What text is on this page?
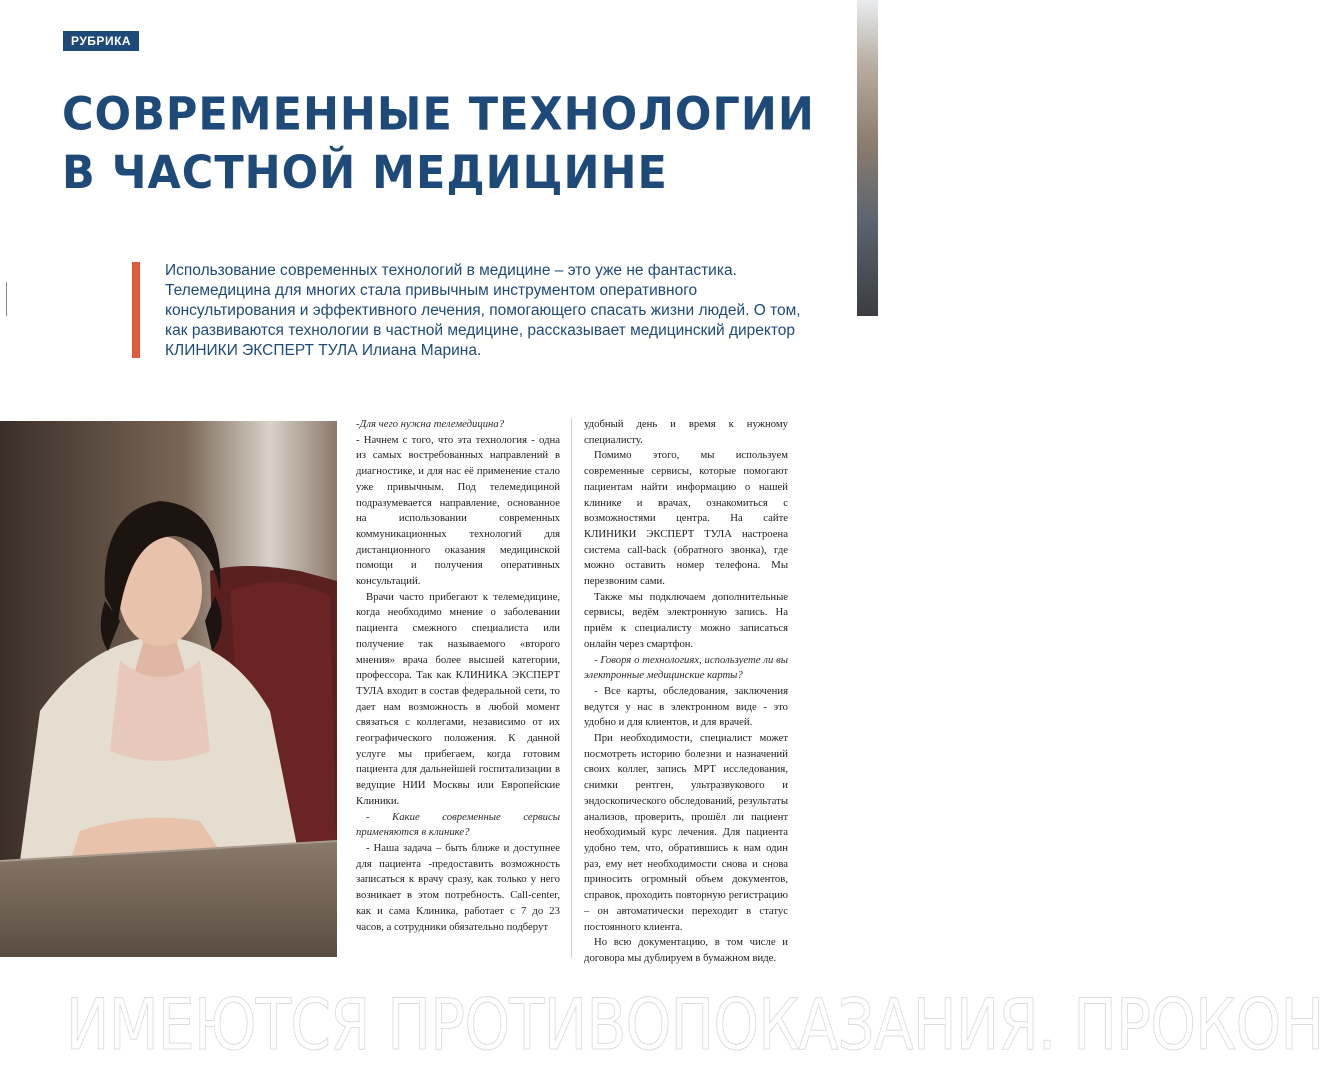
РУБРИКА
СОВРЕМЕННЫЕ ТЕХНОЛОГИИ
В ЧАСТНОЙ МЕДИЦИНЕ

Использование современных технологий в медицине – это уже не фантастика. Телемедицина для многих стала привычным инструментом оперативного консультирования и эффективного лечения, помогающего спасать жизни людей. О том, как развиваются технологии в частной медицине, рассказывает медицинский директор КЛИНИКИ ЭКСПЕРТ ТУЛА Илиана Марина.

-Для чего нужна телемедицина?

- Начнем с того, что эта технология - одна из самых востребованных направлений в диагностике, и для нас её применение стало уже привычным. Под телемедициной подразумевается направление, основанное на использовании современных коммуникационных технологий для дистанционного оказания медицинской помощи и получения оперативных консультаций.

Врачи часто прибегают к телемедицине, когда необходимо мнение о заболевании пациента смежного специалиста или получение так называемого «второго мнения» врача более высшей категории, профессора. Так как КЛИНИКА ЭКСПЕРТ ТУЛА входит в состав федеральной сети, то дает нам возможность в любой момент связаться с коллегами, независимо от их географического положения. К данной услуге мы прибегаем, когда готовим пациента для дальнейшей госпитализации в ведущие НИИ Москвы или Европейские Клиники.

- Какие современные сервисы применяются в клинике?

- Наша задача – быть ближе и доступнее для пациента -предоставить возможность записаться к врачу сразу, как только у него возникает в этом потребность. Call-center, как и сама Клиника, работает с 7 до 23 часов, а сотрудники обязательно подберут

удобный день и время к нужному специалисту.

Помимо этого, мы используем современные сервисы, которые помогают пациентам найти информацию о нашей клинике и врачах, ознакомиться с возможностями центра. На сайте КЛИНИКИ ЭКСПЕРТ ТУЛА настроена система call-back (обратного звонка), где можно оставить номер телефона. Мы перезвоним сами.

Также мы подключаем дополнительные сервисы, ведём электронную запись. На приём к специалисту можно записаться онлайн через смартфон.

- Говоря о технологиях, используете ли вы электронные медицинские карты?

- Все карты, обследования, заключения ведутся у нас в электронном виде - это удобно и для клиентов, и для врачей.

При необходимости, специалист может посмотреть историю болезни и назначений своих коллег, запись МРТ исследования, снимки рентген, ультразвукового и эндоскопического обследований, результаты анализов, проверить, прошёл ли пациент необходимый курс лечения. Для пациента удобно тем, что, обратившись к нам один раз, ему нет необходимости снова и снова приносить огромный объем документов, справок, проходить повторную регистрацию – он автоматически переходит в статус постоянного клиента.

Но всю документацию, в том числе и договора мы дублируем в бумажном виде.

ИМЕЮТСЯ ПРОТИВОПОКАЗАНИЯ. ПРОКОН
